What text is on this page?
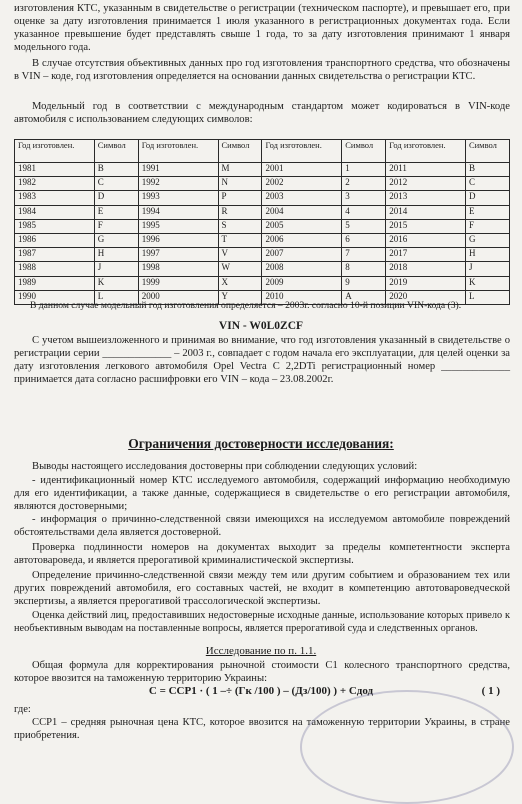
изготовления КТС, указанным в свидетельстве о регистрации (техническом паспорте), и превышает его, при оценке за дату изготовления принимается 1 июля указанного в регистрационных документах года. Если указанное превышение будет представлять свыше 1 года, то за дату изготовления принимают 1 января модельного года.

В случае отсутствия объективных данных про год изготовления транспортного средства, что обозначены в VIN – коде, год изготовления определяется на основании данных свидетельства о регистрации КТС.

Модельный год в соответствии с международным стандартом может кодироваться в VIN-коде автомобиля с использованием следующих символов:

Год изготовлен.	Символ	Год изготовлен.	Символ	Год изготовлен.	Символ	Год изготовлен.	Символ
1981	B	1991	M	2001	1	2011	B
1982	C	1992	N	2002	2	2012	C
1983	D	1993	P	2003	3	2013	D
1984	E	1994	R	2004	4	2014	E
1985	F	1995	S	2005	5	2015	F
1986	G	1996	T	2006	6	2016	G
1987	H	1997	V	2007	7	2017	H
1988	J	1998	W	2008	8	2018	J
1989	K	1999	X	2009	9	2019	K
1990	L	2000	Y	2010	A	2020	L

В данном случае модельный год изготовления определяется – 2003г. согласно 10-й позиции VIN-кода (3).

VIN - W0L0ZCF

С учетом вышеизложенного и принимая во внимание, что год изготовления указанный в свидетельстве о регистрации серии _____________ – 2003 г., совпадает с годом начала его эксплуатации, для целей оценки за дату изготовления легкового автомобиля Opel Vectra C 2,2DTi регистрационный номер _____________ принимается дата согласно расшифровки его VIN – кода – 23.08.2002г.

Ограничения достоверности исследования:

Выводы настоящего исследования достоверны при соблюдении следующих условий:

- идентификационный номер КТС исследуемого автомобиля, содержащий информацию необходимую для его идентификации, а также данные, содержащиеся в свидетельстве о его регистрации автомобиля, являются достоверными;

- информация о причинно-следственной связи имеющихся на исследуемом автомобиле повреждений обстоятельствами дела является достоверной.

Проверка подлинности номеров на документах выходит за пределы компетентности эксперта автотовароведа, и является прерогативой криминалистической экспертизы.

Определение причинно-следственной связи между тем или другим событием и образованием тех или других повреждений автомобиля, его составных частей, не входит в компетенцию автотовароведческой экспертизы, а является прерогативой трассологической экспертизы.

Оценка действий лиц, предоставивших недостоверные исходные данные, использование которых привело к необъективным выводам на поставленные вопросы, является прерогативой суда и следственных органов.

Исследование по п. 1.1.

Общая формула для корректирования рыночной стоимости С1 колесного транспортного средства, которое ввозится на таможенную территорию Украины:

С = ССР1 · ( 1 –÷ (Гк /100 ) – (Дз/100) ) + Сдод	( 1 )

где:

ССР1 – средняя рыночная цена КТС, которое ввозится на таможенную территории Украины, в стране приобретения.
